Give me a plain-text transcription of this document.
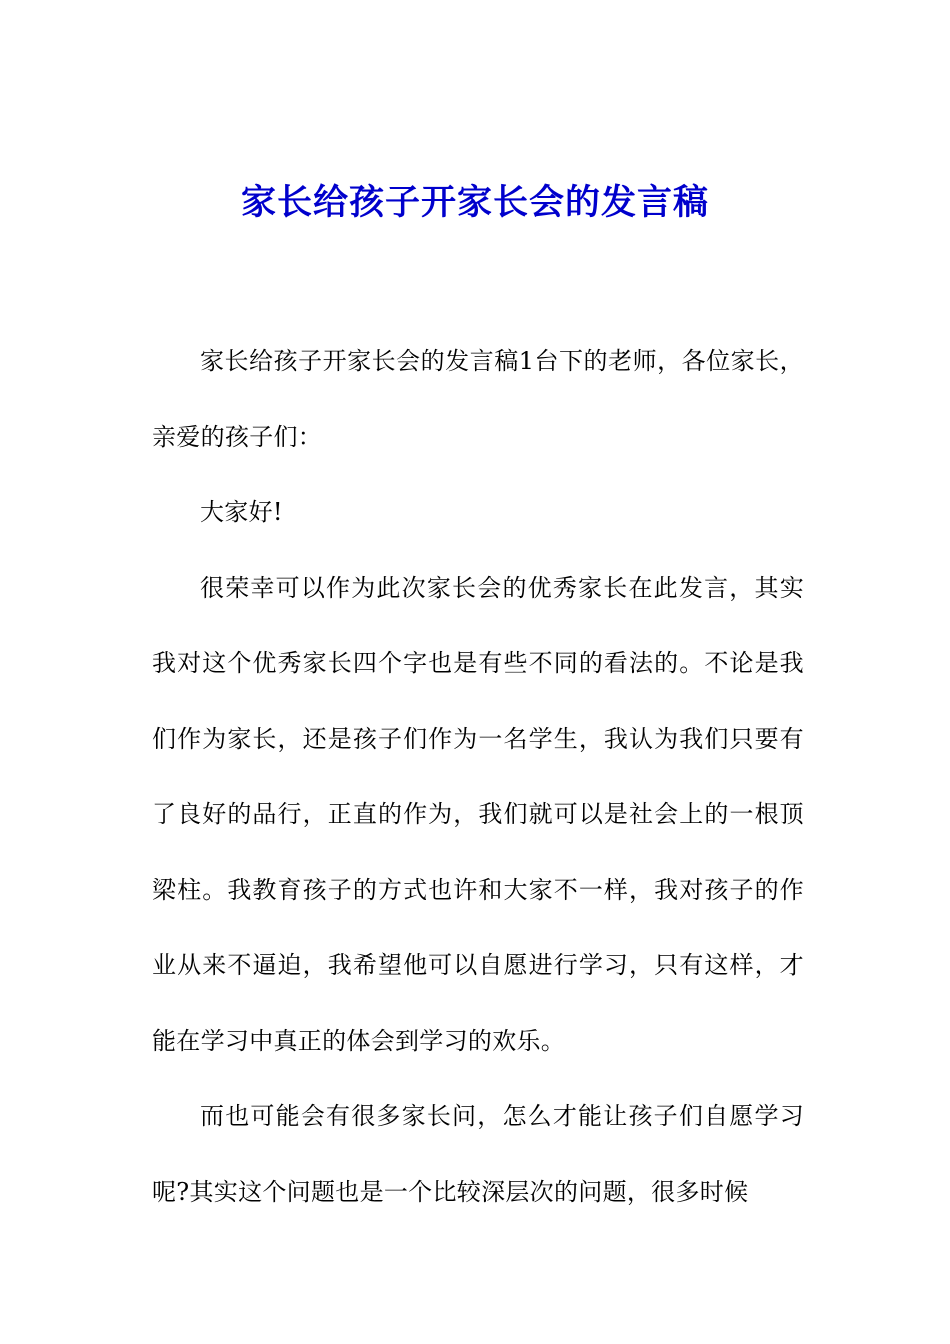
家长给孩子开家长会的发言稿

家长给孩子开家长会的发言稿1台下的老师，各位家长，亲爱的孩子们：

大家好!

很荣幸可以作为此次家长会的优秀家长在此发言，其实我对这个优秀家长四个字也是有些不同的看法的。不论是我们作为家长，还是孩子们作为一名学生，我认为我们只要有了良好的品行，正直的作为，我们就可以是社会上的一根顶梁柱。我教育孩子的方式也许和大家不一样，我对孩子的作业从来不逼迫，我希望他可以自愿进行学习，只有这样，才能在学习中真正的体会到学习的欢乐。

而也可能会有很多家长问，怎么才能让孩子们自愿学习呢?其实这个问题也是一个比较深层次的问题，很多时候
